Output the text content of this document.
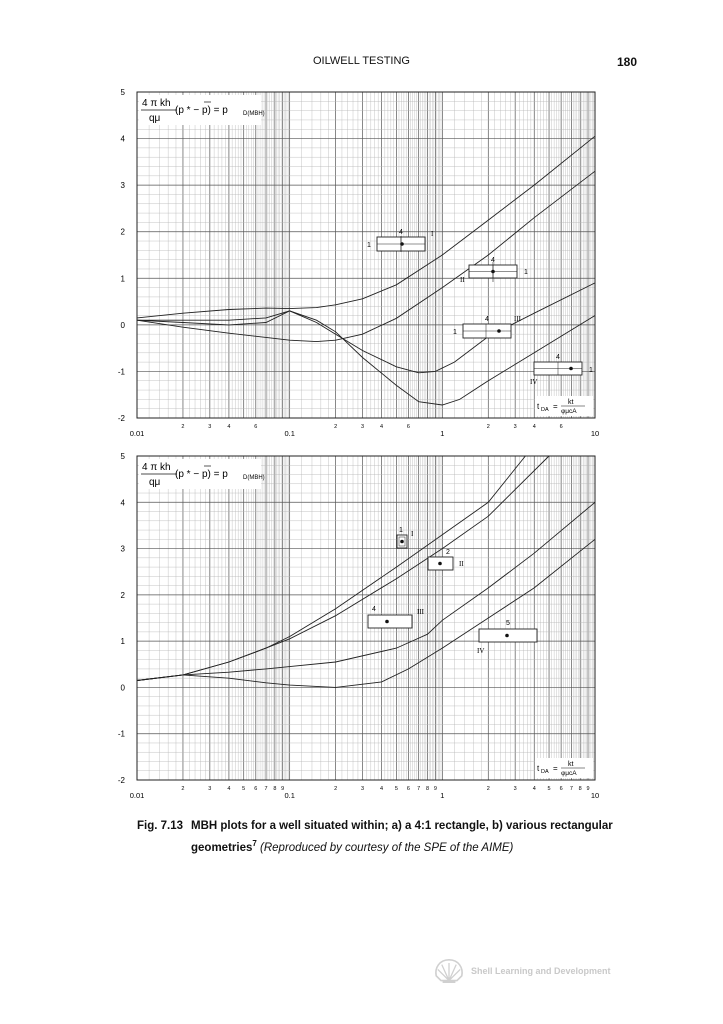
OILWELL TESTING	180
5
4
3
2
1
0
-1
-2
0.01	0.1	1	10
2	3	4	6	2	3	4	6	2	3	4	6
4 π kh
qμ
(p * − p) = p	D(MBH)
t DA = kt
φμcA
5
4
3
2
1
0
-1
-2
0.01	0.1	1	10
2	3	4 5 6 7 8 9	2	3	4 5 6 7 8 9	2	3	4 5 6 7 8 9
4 π kh
qμ
(p * − p) = p	D(MBH)
t DA = kt
φμcA
4
1
I
4
1
II
4
1
III
4
1
IV
1 I
2
II
4	III
5
IV
Fig. 7.13 MBH plots for a well situated within; a) a 4:1 rectangle, b) various rectangular geometries$^7$ (Reproduced by courtesy of the SPE of the AIME)
Shell Learning and Development
